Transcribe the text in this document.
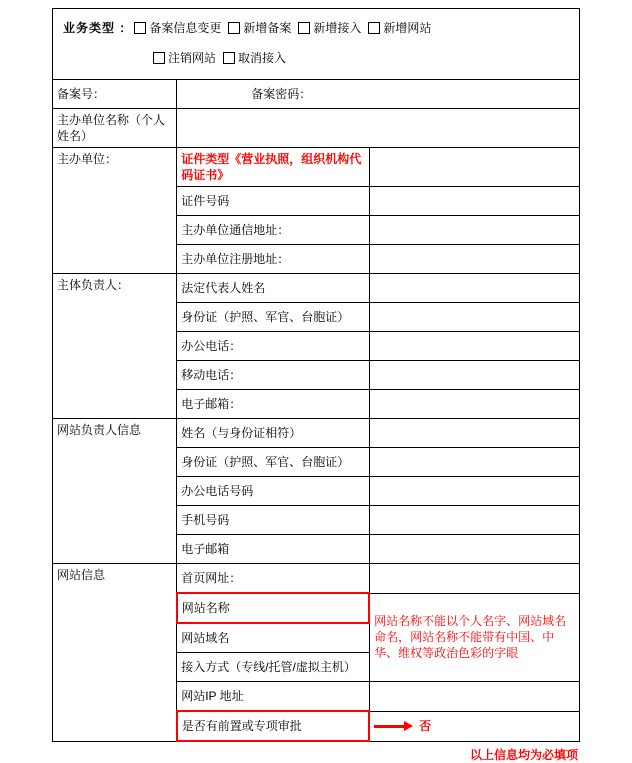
业务类型 ： 备案信息变更 新增备案 新增接入 新增网站
注销网站 取消接入
备案号：	备案密码：	
主办单位名称（个人姓名）		
主办单位：	证件类型《营业执照，组织机构代码证书》	
	证件号码	
	主办单位通信地址：	
	主办单位注册地址：	
主体负责人：	法定代表人姓名	
	身份证（护照、军官、台胞证）	
	办公电话：	
	移动电话：	
	电子邮箱：	
网站负责人信息	姓名（与身份证相符）	
	身份证（护照、军官、台胞证）	
	办公电话号码	
	手机号码	
	电子邮箱	
网站信息	首页网址：	
	网站名称	网站名称不能以个人名字、网站域名命名，网站名称不能带有中国、中华、维权等政治色彩的字眼
	网站域名	
	接入方式（专线/托管/虚拟主机）	
	网站IP 地址	
	是否有前置或专项审批	否
以上信息均为必填项
